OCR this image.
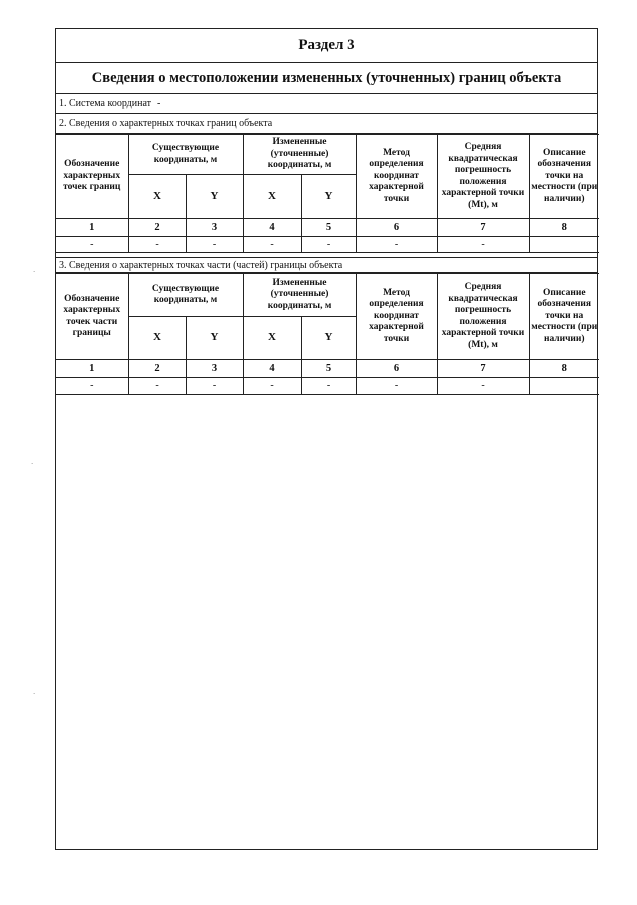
Раздел 3
Сведения о местоположении измененных (уточненных) границ объекта
1. Система координат -
2. Сведения о характерных точках границ объекта
Обозначение характерных точек границ	Существующие координаты, м		Измененные (уточненные) координаты, м		Метод определения координат характерной точки	Средняя квадратическая погрешность положения характерной точки (Mt), м	Описание обозначения точки на местности (при наличии)
	X	Y	X	Y			
1	2	3	4	5	6	7	8
-	-	-	-	-	-	-	
3. Сведения о характерных точках части (частей) границы объекта
Обозначение характерных точек части границы	Существующие координаты, м		Измененные (уточненные) координаты, м		Метод определения координат характерной точки	Средняя квадратическая погрешность положения характерной точки (Mt), м	Описание обозначения точки на местности (при наличии)
	X	Y	X	Y			
1	2	3	4	5	6	7	8
-	-	-	-	-	-	-	
·
·
·
